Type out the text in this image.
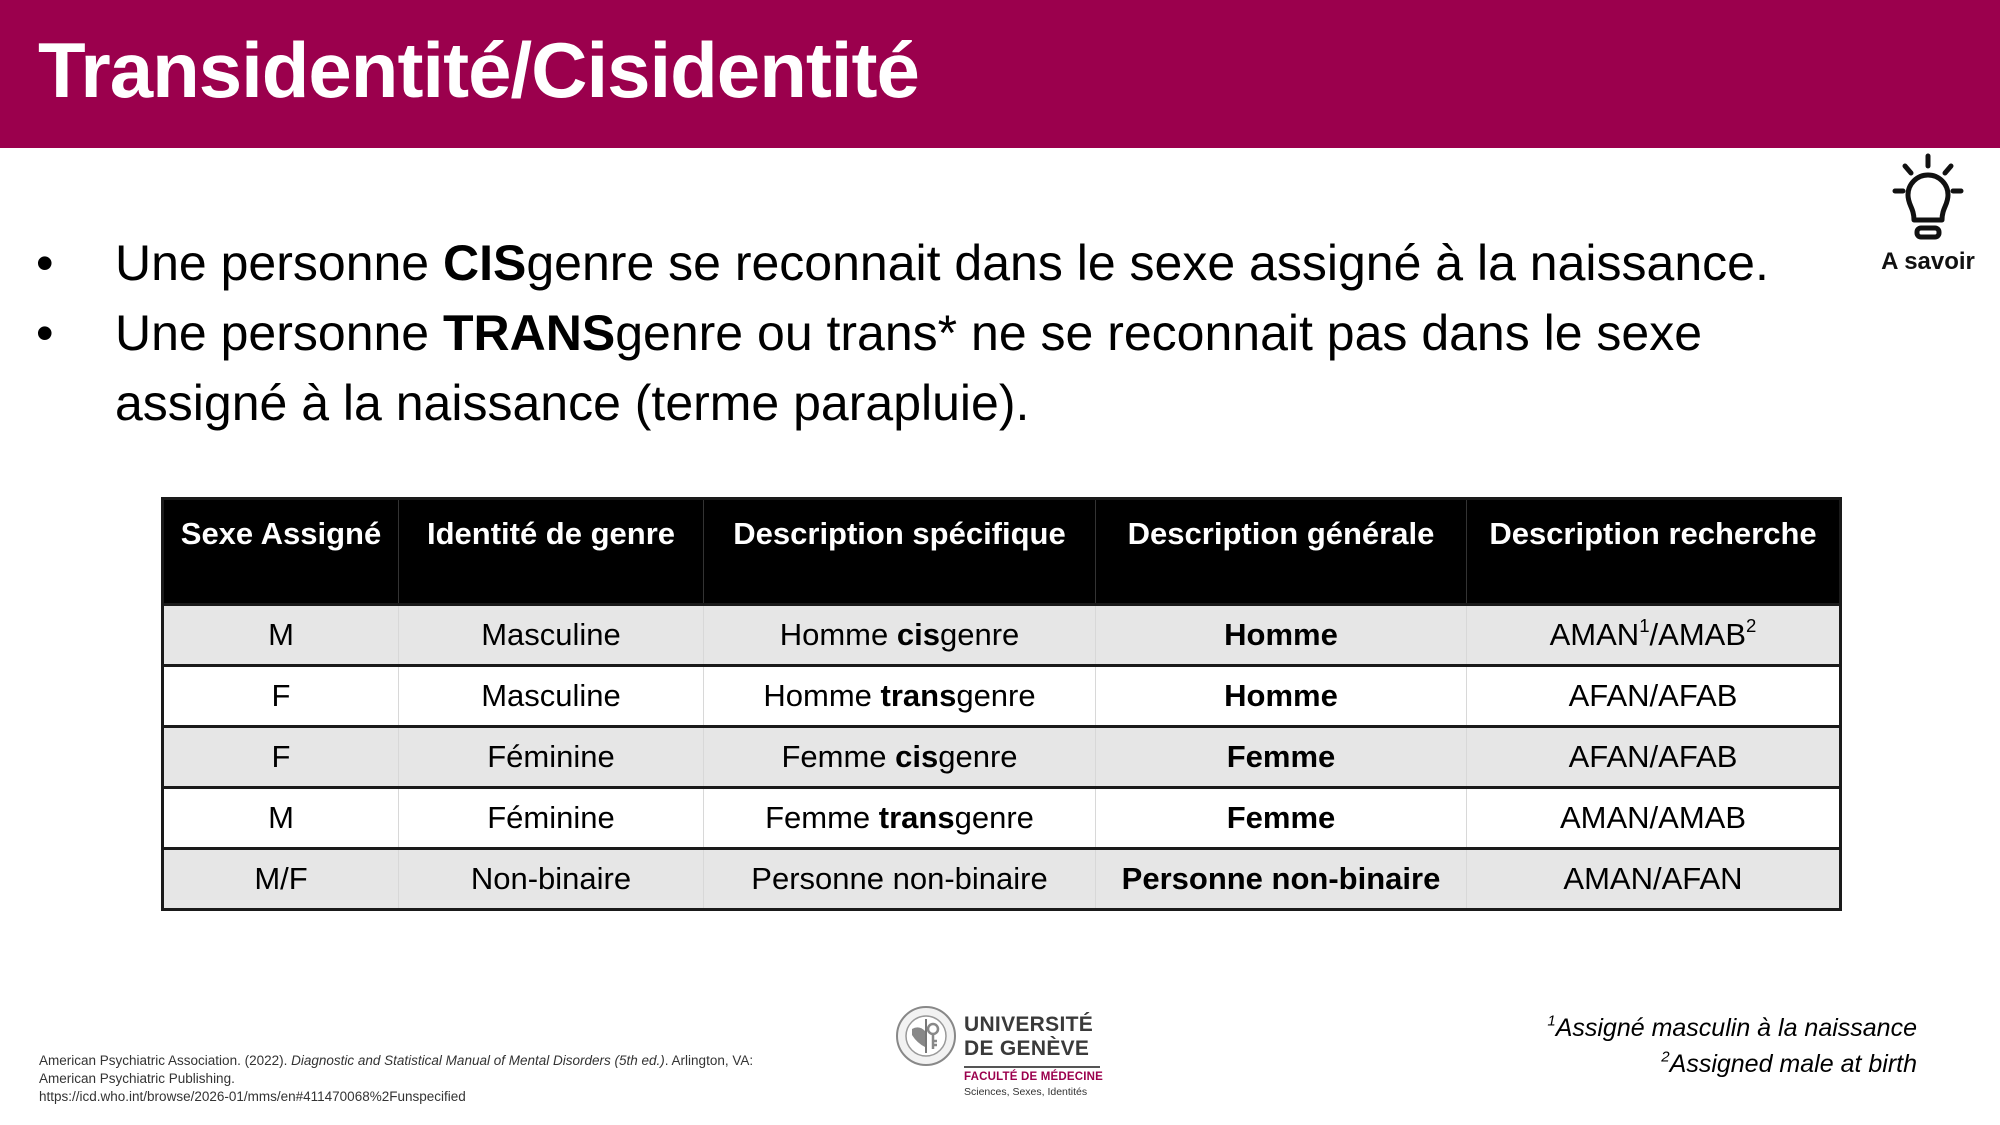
Transidentité/Cisidentité
A savoir
•	Une personne CISgenre se reconnait dans le sexe assigné à la naissance.
•	Une personne TRANSgenre ou trans* ne se reconnait pas dans le sexe assigné à la naissance (terme parapluie).
Sexe Assigné	Identité de genre	Description spécifique	Description générale	Description recherche
M	Masculine	Homme cisgenre	Homme	AMAN$^1$/AMAB$^2$
F	Masculine	Homme transgenre	Homme	AFAN/AFAB
F	Féminine	Femme cisgenre	Femme	AFAN/AFAB
M	Féminine	Femme transgenre	Femme	AMAN/AMAB
M/F	Non-binaire	Personne non-binaire	Personne non-binaire	AMAN/AFAN
American Psychiatric Association. (2022). Diagnostic and Statistical Manual of Mental Disorders (5th ed.). Arlington, VA: American Psychiatric Publishing.
https://icd.who.int/browse/2026-01/mms/en#411470068%2Funspecified
UNIVERSITÉ
DE GENÈVE
FACULTÉ DE MÉDECINE
Sciences, Sexes, Identités
$^1$Assigné masculin à la naissance
$^2$Assigned male at birth
